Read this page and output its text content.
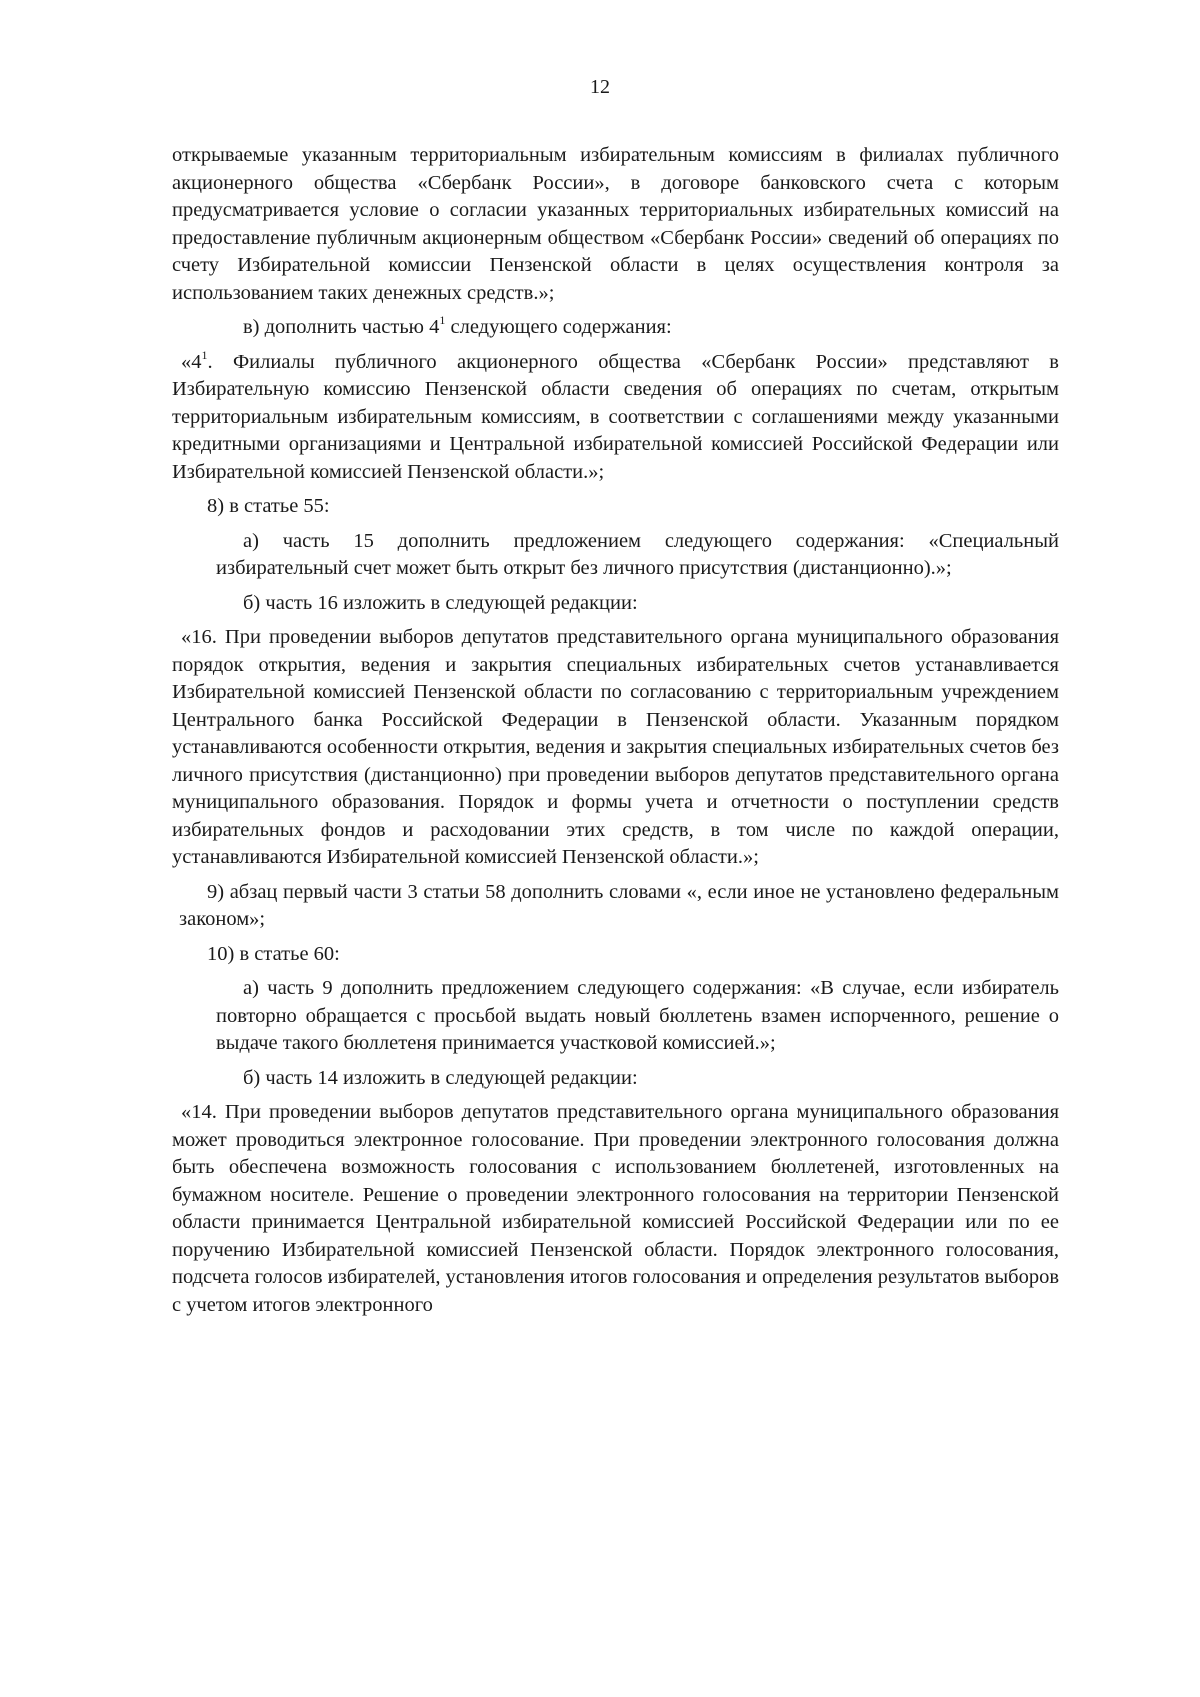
12

открываемые указанным территориальным избирательным комиссиям в филиалах публичного акционерного общества «Сбербанк России», в договоре банковского счета с которым предусматривается условие о согласии указанных территориальных избирательных комиссий на предоставление публичным акционерным обществом «Сбербанк России» сведений об операциях по счету Избирательной комиссии Пензенской области в целях осуществления контроля за использованием таких денежных средств.»;

в) дополнить частью $4^1$ следующего содержания:

«$4^1$. Филиалы публичного акционерного общества «Сбербанк России» представляют в Избирательную комиссию Пензенской области сведения об операциях по счетам, открытым территориальным избирательным комиссиям, в соответствии с соглашениями между указанными кредитными организациями и Центральной избирательной комиссией Российской Федерации или Избирательной комиссией Пензенской области.»;

8) в статье 55:

а) часть 15 дополнить предложением следующего содержания: «Специальный избирательный счет может быть открыт без личного присутствия (дистанционно).»;

б) часть 16 изложить в следующей редакции:

«16. При проведении выборов депутатов представительного органа муниципального образования порядок открытия, ведения и закрытия специальных избирательных счетов устанавливается Избирательной комиссией Пензенской области по согласованию с территориальным учреждением Центрального банка Российской Федерации в Пензенской области. Указанным порядком устанавливаются особенности открытия, ведения и закрытия специальных избирательных счетов без личного присутствия (дистанционно) при проведении выборов депутатов представительного органа муниципального образования. Порядок и формы учета и отчетности о поступлении средств избирательных фондов и расходовании этих средств, в том числе по каждой операции, устанавливаются Избирательной комиссией Пензенской области.»;

9) абзац первый части 3 статьи 58 дополнить словами «, если иное не установлено федеральным законом»;

10) в статье 60:

а) часть 9 дополнить предложением следующего содержания: «В случае, если избиратель повторно обращается с просьбой выдать новый бюллетень взамен испорченного, решение о выдаче такого бюллетеня принимается участковой комиссией.»;

б) часть 14 изложить в следующей редакции:

«14. При проведении выборов депутатов представительного органа муниципального образования может проводиться электронное голосование. При проведении электронного голосования должна быть обеспечена возможность голосования с использованием бюллетеней, изготовленных на бумажном носителе. Решение о проведении электронного голосования на территории Пензенской области принимается Центральной избирательной комиссией Российской Федерации или по ее поручению Избирательной комиссией Пензенской области. Порядок электронного голосования, подсчета голосов избирателей, установления итогов голосования и определения результатов выборов с учетом итогов электронного
